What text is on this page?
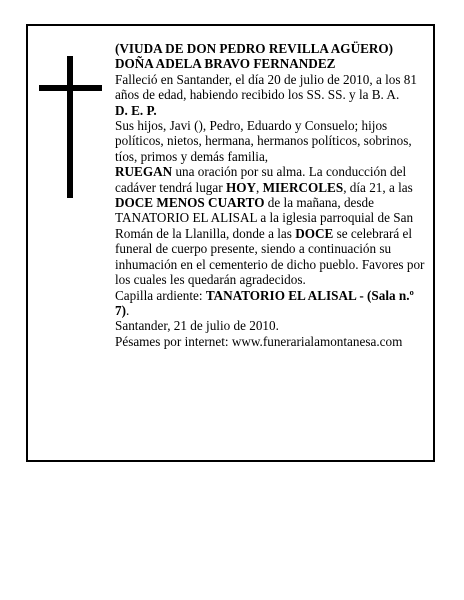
(VIUDA DE DON PEDRO REVILLA AGÜERO)

DOÑA ADELA BRAVO FERNANDEZ

Falleció en Santander, el día 20 de julio de 2010, a los 81 años de edad, habiendo recibido los SS. SS. y la B. A.

D. E. P.

Sus hijos, Javi (), Pedro, Eduardo y Consuelo; hijos políticos, nietos, hermana, hermanos políticos, sobrinos, tíos, primos y demás familia,

RUEGAN una oración por su alma. La conducción del cadáver tendrá lugar HOY, MIERCOLES, día 21, a las DOCE MENOS CUARTO de la mañana, desde TANATORIO EL ALISAL a la iglesia parroquial de San Román de la Llanilla, donde a las DOCE se celebrará el funeral de cuerpo presente, siendo a continuación su inhumación en el cementerio de dicho pueblo. Favores por los cuales les quedarán agradecidos.

Capilla ardiente: TANATORIO EL ALISAL - (Sala n.º 7).

Santander, 21 de julio de 2010.

Pésames por internet: www.funerarialamontanesa.com
